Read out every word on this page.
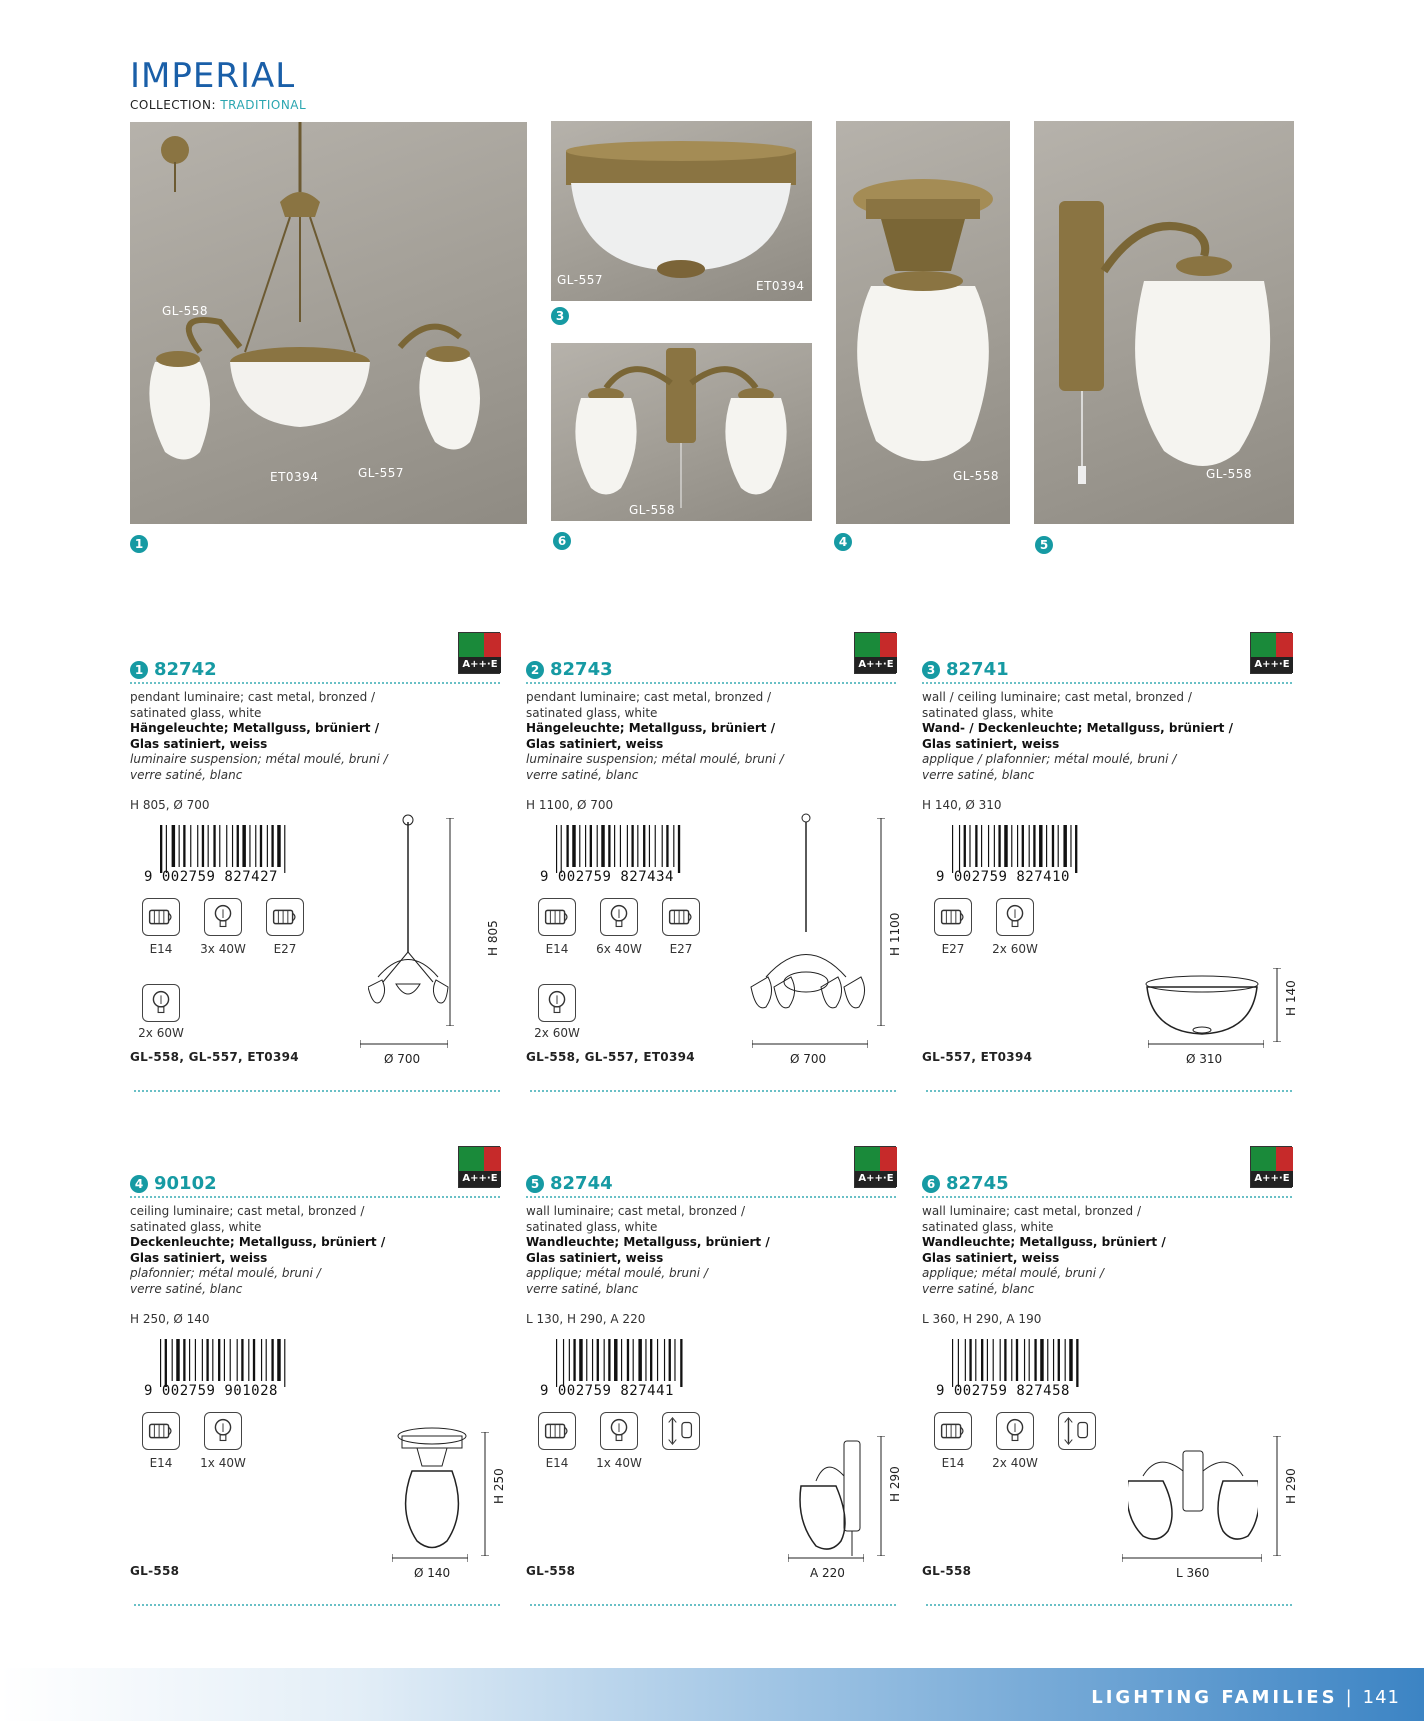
IMPERIAL
COLLECTION: TRADITIONAL
GL-558
ET0394	GL-557
1
GL-557	ET0394
3
GL-558
6
GL-558
4
GL-558
5
A++·E
1 82742
pendant luminaire; cast metal, bronzed /
satinated glass, white
Hängeleuchte; Metallguss, brüniert /
Glas satiniert, weiss
luminaire suspension; métal moulé, bruni /
verre satiné, blanc
H 805, Ø 700
9 002759 827427
E14	3x 40W	E27
2x 60W
H 805
Ø 700
GL-558, GL-557, ET0394
A++·E
2 82743
pendant luminaire; cast metal, bronzed /
satinated glass, white
Hängeleuchte; Metallguss, brüniert /
Glas satiniert, weiss
luminaire suspension; métal moulé, bruni /
verre satiné, blanc
H 1100, Ø 700
9 002759 827434
E14	6x 40W	E27
2x 60W
H 1100
Ø 700
GL-558, GL-557, ET0394
A++·E
3 82741
wall / ceiling luminaire; cast metal, bronzed /
satinated glass, white
Wand- / Deckenleuchte; Metallguss, brüniert /
Glas satiniert, weiss
applique / plafonnier; métal moulé, bruni /
verre satiné, blanc
H 140, Ø 310
9 002759 827410
E27	2x 60W
H 140
Ø 310
GL-557, ET0394
A++·E
4 90102
ceiling luminaire; cast metal, bronzed /
satinated glass, white
Deckenleuchte; Metallguss, brüniert /
Glas satiniert, weiss
plafonnier; métal moulé, bruni /
verre satiné, blanc
H 250, Ø 140
9 002759 901028
E14	1x 40W
H 250
Ø 140
GL-558
A++·E
5 82744
wall luminaire; cast metal, bronzed /
satinated glass, white
Wandleuchte; Metallguss, brüniert /
Glas satiniert, weiss
applique; métal moulé, bruni /
verre satiné, blanc
L 130, H 290, A 220
9 002759 827441
E14	1x 40W
H 290
A 220
GL-558
A++·E
6 82745
wall luminaire; cast metal, bronzed /
satinated glass, white
Wandleuchte; Metallguss, brüniert /
Glas satiniert, weiss
applique; métal moulé, bruni /
verre satiné, blanc
L 360, H 290, A 190
9 002759 827458
E14	2x 40W
H 290
L 360
GL-558
LIGHTING FAMILIES | 141
